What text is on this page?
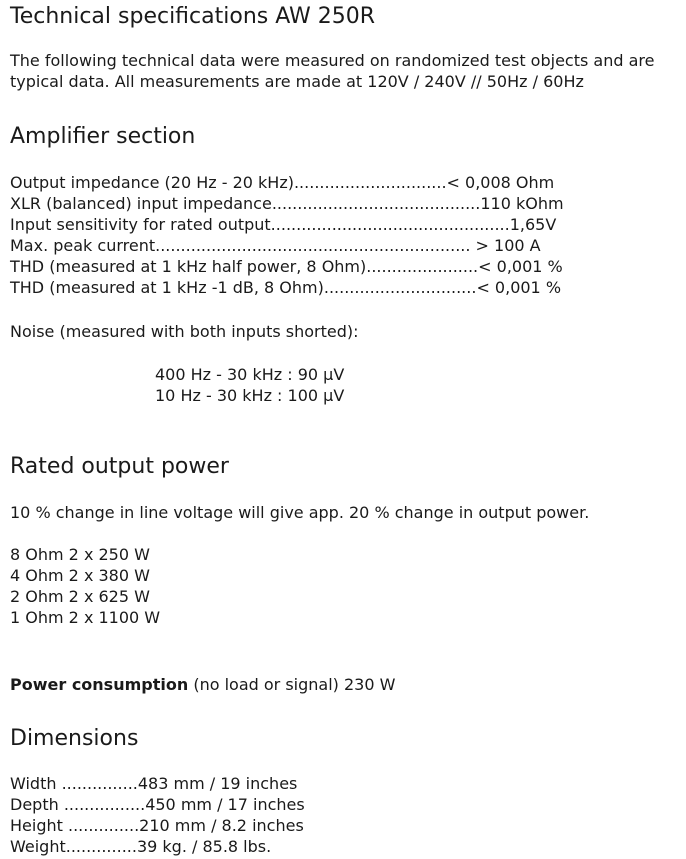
Technical specifications AW 250R
The following technical data were measured on randomized test objects and are
typical data. All measurements are made at 120V / 240V // 50Hz / 60Hz
Amplifier section
Output impedance (20 Hz - 20 kHz)..............................< 0,008 Ohm
XLR (balanced) input impedance.........................................110 kOhm
Input sensitivity for rated output...............................................1,65V
Max. peak current.............................................................. > 100 A
THD (measured at 1 kHz half power, 8 Ohm)......................< 0,001 %
THD (measured at 1 kHz -1 dB, 8 Ohm)..............................< 0,001 %
Noise (measured with both inputs shorted):
400 Hz - 30 kHz : 90 µV
10 Hz - 30 kHz : 100 µV
Rated output power
10 % change in line voltage will give app. 20 % change in output power.
8 Ohm 2 x 250 W
4 Ohm 2 x 380 W
2 Ohm 2 x 625 W
1 Ohm 2 x 1100 W
Power consumption (no load or signal) 230 W
Dimensions
Width ...............483 mm / 19 inches
Depth ................450 mm / 17 inches
Height ..............210 mm / 8.2 inches
Weight..............39 kg. / 85.8 lbs.
